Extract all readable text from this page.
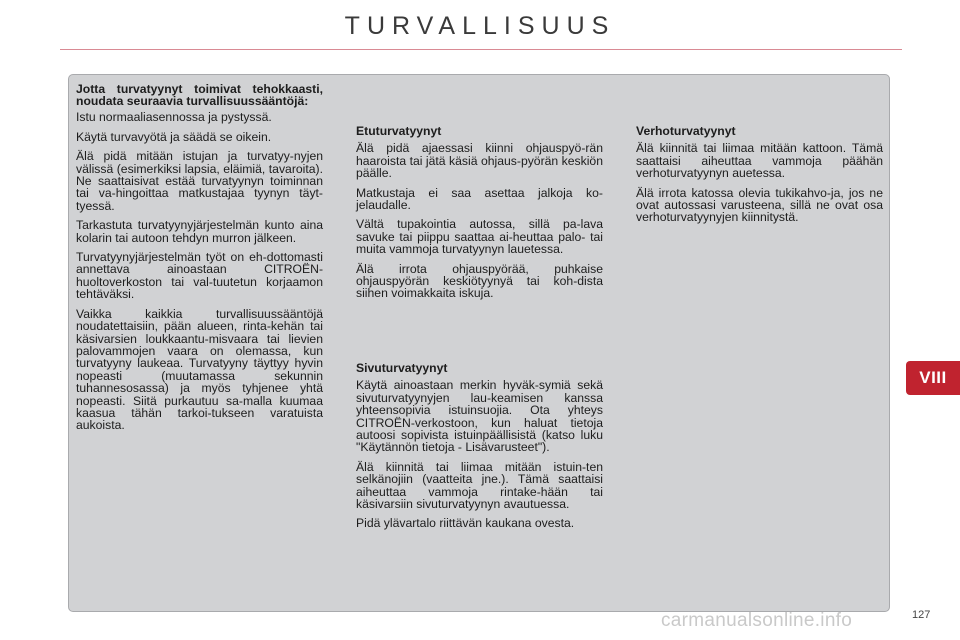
TURVALLISUUS

Jotta turvatyynyt toimivat tehokkaasti, noudata seuraavia turvallisuussääntöjä:

Istu normaaliasennossa ja pystyssä.

Käytä turvavyötä ja säädä se oikein.

Älä pidä mitään istujan ja turvatyy-nyjen välissä (esimerkiksi lapsia, eläimiä, tavaroita). Ne saattaisivat estää turvatyynyn toiminnan tai va-hingoittaa matkustajaa tyynyn täyt-tyessä.

Tarkastuta turvatyynyjärjestelmän kunto aina kolarin tai autoon tehdyn murron jälkeen.

Turvatyynyjärjestelmän työt on eh-dottomasti annettava ainoastaan CITROËN-huoltoverkoston tai val-tuutetun korjaamon tehtäväksi.

Vaikka kaikkia turvallisuussääntöjä noudatettaisiin, pään alueen, rinta-kehän tai käsivarsien loukkaantu-misvaara tai lievien palovammojen vaara on olemassa, kun turvatyyny laukeaa. Turvatyyny täyttyy hyvin nopeasti (muutamassa sekunnin tuhannesosassa) ja myös tyhjenee yhtä nopeasti. Siitä purkautuu sa-malla kuumaa kaasua tähän tarkoi-tukseen varatuista aukoista.

Etuturvatyynyt

Älä pidä ajaessasi kiinni ohjauspyö-rän haaroista tai jätä käsiä ohjaus-pyörän keskiön päälle.

Matkustaja ei saa asettaa jalkoja ko-jelaudalle.

Vältä tupakointia autossa, sillä pa-lava savuke tai piippu saattaa ai-heuttaa palo- tai muita vammoja turvatyynyn lauetessa.

Älä irrota ohjauspyörää, puhkaise ohjauspyörän keskiötyynyä tai koh-dista siihen voimakkaita iskuja.

Sivuturvatyynyt

Käytä ainoastaan merkin hyväk-symiä sekä sivuturvatyynyjen lau-keamisen kanssa yhteensopivia istuinsuojia. Ota yhteys CITROËN-verkostoon, kun haluat tietoja autoosi sopivista istuinpäällisistä (katso luku "Käytännön tietoja - Lisävarusteet").

Älä kiinnitä tai liimaa mitään istuin-ten selkänojiin (vaatteita jne.). Tämä saattaisi aiheuttaa vammoja rintake-hään tai käsivarsiin sivuturvatyynyn avautuessa.

Pidä ylävartalo riittävän kaukana ovesta.

Verhoturvatyynyt

Älä kiinnitä tai liimaa mitään kattoon. Tämä saattaisi aiheuttaa vammoja päähän verhoturvatyynyn auetessa.

Älä irrota katossa olevia tukikahvo-ja, jos ne ovat autossasi varusteena, sillä ne ovat osa verhoturvatyynyjen kiinnitystä.

VIII
carmanualsonline.info	127
